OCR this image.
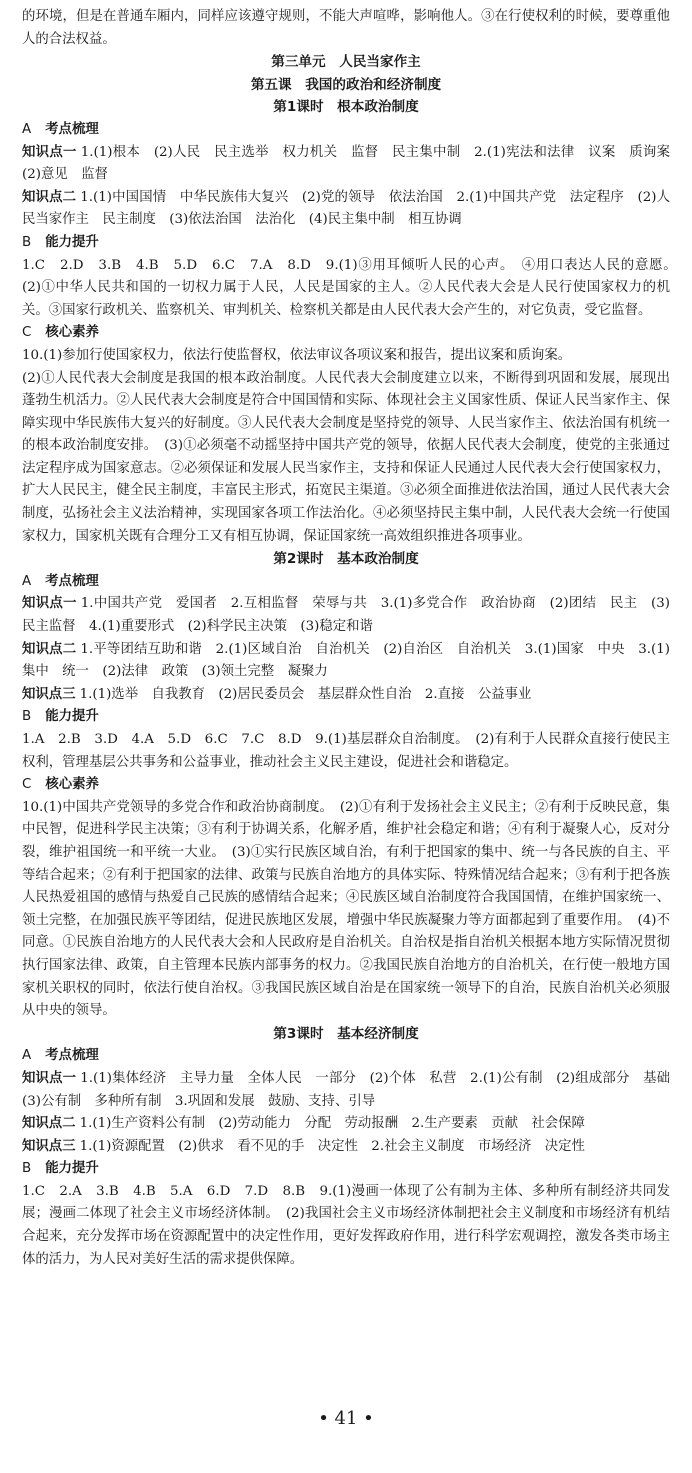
的环境，但是在普通车厢内，同样应该遵守规则，不能大声喧哗，影响他人。③在行使权利的时候，要尊重他人的合法权益。

第三单元　人民当家作主
第五课　我国的政治和经济制度
第1课时　根本政治制度
A 考点梳理

知识点一 1.(1)根本　(2)人民　民主选举　权力机关　监督　民主集中制　2.(1)宪法和法律　议案　质询案　(2)意见　监督

知识点二 1.(1)中国国情　中华民族伟大复兴　(2)党的领导　依法治国　2.(1)中国共产党　法定程序　(2)人民当家作主　民主制度　(3)依法治国　法治化　(4)民主集中制　相互协调

B 能力提升

1.C　2.D　3.B　4.B　5.D　6.C　7.A　8.D　9.(1)③用耳倾听人民的心声。　④用口表达人民的意愿。　(2)①中华人民共和国的一切权力属于人民，人民是国家的主人。②人民代表大会是人民行使国家权力的机关。③国家行政机关、监察机关、审判机关、检察机关都是由人民代表大会产生的，对它负责，受它监督。

C 核心素养

10.(1)参加行使国家权力，依法行使监督权，依法审议各项议案和报告，提出议案和质询案。

(2)①人民代表大会制度是我国的根本政治制度。人民代表大会制度建立以来，不断得到巩固和发展，展现出蓬勃生机活力。②人民代表大会制度是符合中国国情和实际、体现社会主义国家性质、保证人民当家作主、保障实现中华民族伟大复兴的好制度。③人民代表大会制度是坚持党的领导、人民当家作主、依法治国有机统一的根本政治制度安排。　(3)①必须毫不动摇坚持中国共产党的领导，依据人民代表大会制度，使党的主张通过法定程序成为国家意志。②必须保证和发展人民当家作主，支持和保证人民通过人民代表大会行使国家权力，扩大人民民主，健全民主制度，丰富民主形式，拓宽民主渠道。③必须全面推进依法治国，通过人民代表大会制度，弘扬社会主义法治精神，实现国家各项工作法治化。④必须坚持民主集中制，人民代表大会统一行使国家权力，国家机关既有合理分工又有相互协调，保证国家统一高效组织推进各项事业。

第2课时　基本政治制度
A 考点梳理

知识点一 1.中国共产党　爱国者　2.互相监督　荣辱与共　3.(1)多党合作　政治协商　(2)团结　民主　(3)民主监督　4.(1)重要形式　(2)科学民主决策　(3)稳定和谐

知识点二 1.平等团结互助和谐　2.(1)区域自治　自治机关　(2)自治区　自治机关　3.(1)国家　中央　3.(1)集中　统一　(2)法律　政策　(3)领土完整　凝聚力

知识点三 1.(1)选举　自我教育　(2)居民委员会　基层群众性自治　2.直接　公益事业

B 能力提升

1.A　2.B　3.D　4.A　5.D　6.C　7.C　8.D　9.(1)基层群众自治制度。　(2)有利于人民群众直接行使民主权利，管理基层公共事务和公益事业，推动社会主义民主建设，促进社会和谐稳定。

C 核心素养

10.(1)中国共产党领导的多党合作和政治协商制度。　(2)①有利于发扬社会主义民主；②有利于反映民意，集中民智，促进科学民主决策；③有利于协调关系，化解矛盾，维护社会稳定和谐；④有利于凝聚人心，反对分裂，维护祖国统一和平统一大业。　(3)①实行民族区域自治，有利于把国家的集中、统一与各民族的自主、平等结合起来；②有利于把国家的法律、政策与民族自治地方的具体实际、特殊情况结合起来；③有利于把各族人民热爱祖国的感情与热爱自己民族的感情结合起来；④民族区域自治制度符合我国国情，在维护国家统一、领土完整，在加强民族平等团结，促进民族地区发展，增强中华民族凝聚力等方面都起到了重要作用。　(4)不同意。①民族自治地方的人民代表大会和人民政府是自治机关。自治权是指自治机关根据本地方实际情况贯彻执行国家法律、政策，自主管理本民族内部事务的权力。②我国民族自治地方的自治机关，在行使一般地方国家机关职权的同时，依法行使自治权。③我国民族区域自治是在国家统一领导下的自治，民族自治机关必须服从中央的领导。

第3课时　基本经济制度
A 考点梳理

知识点一 1.(1)集体经济　主导力量　全体人民　一部分　(2)个体　私营　2.(1)公有制　(2)组成部分　基础　(3)公有制　多种所有制　3.巩固和发展　鼓励、支持、引导

知识点二 1.(1)生产资料公有制　(2)劳动能力　分配　劳动报酬　2.生产要素　贡献　社会保障

知识点三 1.(1)资源配置　(2)供求　看不见的手　决定性　2.社会主义制度　市场经济　决定性

B 能力提升

1.C　2.A　3.B　4.B　5.A　6.D　7.D　8.B　9.(1)漫画一体现了公有制为主体、多种所有制经济共同发展；漫画二体现了社会主义市场经济体制。　(2)我国社会主义市场经济体制把社会主义制度和市场经济有机结合起来，充分发挥市场在资源配置中的决定性作用，更好发挥政府作用，进行科学宏观调控，激发各类市场主体的活力，为人民对美好生活的需求提供保障。

• 41 •
